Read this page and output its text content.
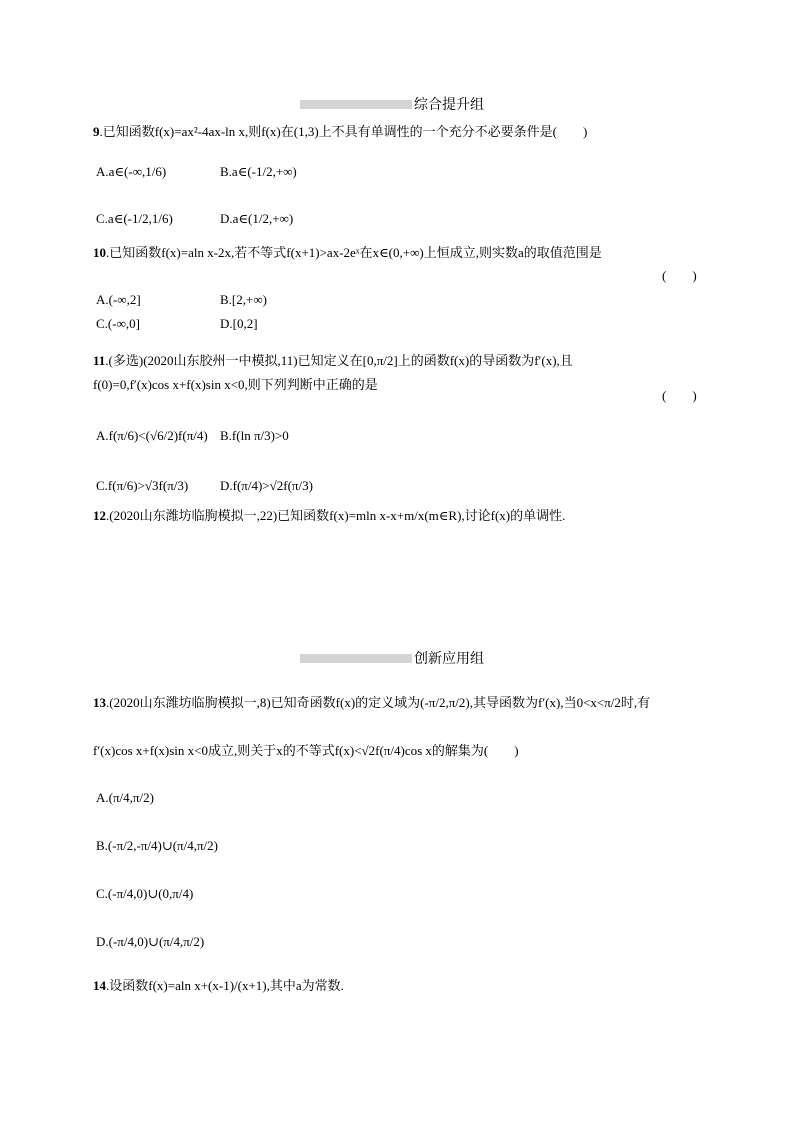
综合提升组
9.已知函数f(x)=ax²-4ax-ln x,则f(x)在(1,3)上不具有单调性的一个充分不必要条件是(　　)
A.a∈(-∞,1/6)	B.a∈(-1/2,+∞)
C.a∈(-1/2,1/6)	D.a∈(1/2,+∞)
10.已知函数f(x)=aln x-2x,若不等式f(x+1)>ax-2eˣ在x∈(0,+∞)上恒成立,则实数a的取值范围是
(　　)
A.(-∞,2]	B.[2,+∞)
C.(-∞,0]	D.[0,2]
11.(多选)(2020山东胶州一中模拟,11)已知定义在[0,π/2]上的函数f(x)的导函数为f′(x),且
f(0)=0,f′(x)cos x+f(x)sin x<0,则下列判断中正确的是
(　　)
A.f(π/6)<(√6/2)f(π/4) B.f(ln π/3)>0
C.f(π/6)>√3f(π/3) D.f(π/4)>√2f(π/3)
12.(2020山东潍坊临朐模拟一,22)已知函数f(x)=mln x-x+m/x(m∈R),讨论f(x)的单调性.
创新应用组
13.(2020山东潍坊临朐模拟一,8)已知奇函数f(x)的定义域为(-π/2,π/2),其导函数为f′(x),当0<x<π/2时,有
f′(x)cos x+f(x)sin x<0成立,则关于x的不等式f(x)<√2f(π/4)cos x的解集为(　　)
A.(π/4,π/2)
B.(-π/2,-π/4)∪(π/4,π/2)
C.(-π/4,0)∪(0,π/4)
D.(-π/4,0)∪(π/4,π/2)
14.设函数f(x)=aln x+(x-1)/(x+1),其中a为常数.
